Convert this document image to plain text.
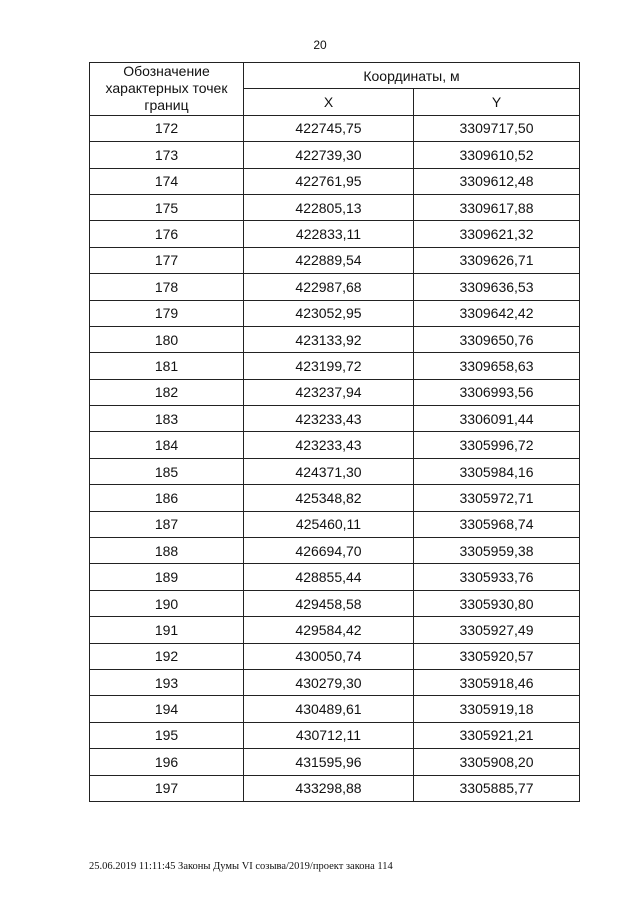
20
Обозначение характерных точек границ	Координаты, м	
	X	Y
172	422745,75	3309717,50
173	422739,30	3309610,52
174	422761,95	3309612,48
175	422805,13	3309617,88
176	422833,11	3309621,32
177	422889,54	3309626,71
178	422987,68	3309636,53
179	423052,95	3309642,42
180	423133,92	3309650,76
181	423199,72	3309658,63
182	423237,94	3306993,56
183	423233,43	3306091,44
184	423233,43	3305996,72
185	424371,30	3305984,16
186	425348,82	3305972,71
187	425460,11	3305968,74
188	426694,70	3305959,38
189	428855,44	3305933,76
190	429458,58	3305930,80
191	429584,42	3305927,49
192	430050,74	3305920,57
193	430279,30	3305918,46
194	430489,61	3305919,18
195	430712,11	3305921,21
196	431595,96	3305908,20
197	433298,88	3305885,77
25.06.2019 11:11:45 Законы Думы VI созыва/2019/проект закона 114
